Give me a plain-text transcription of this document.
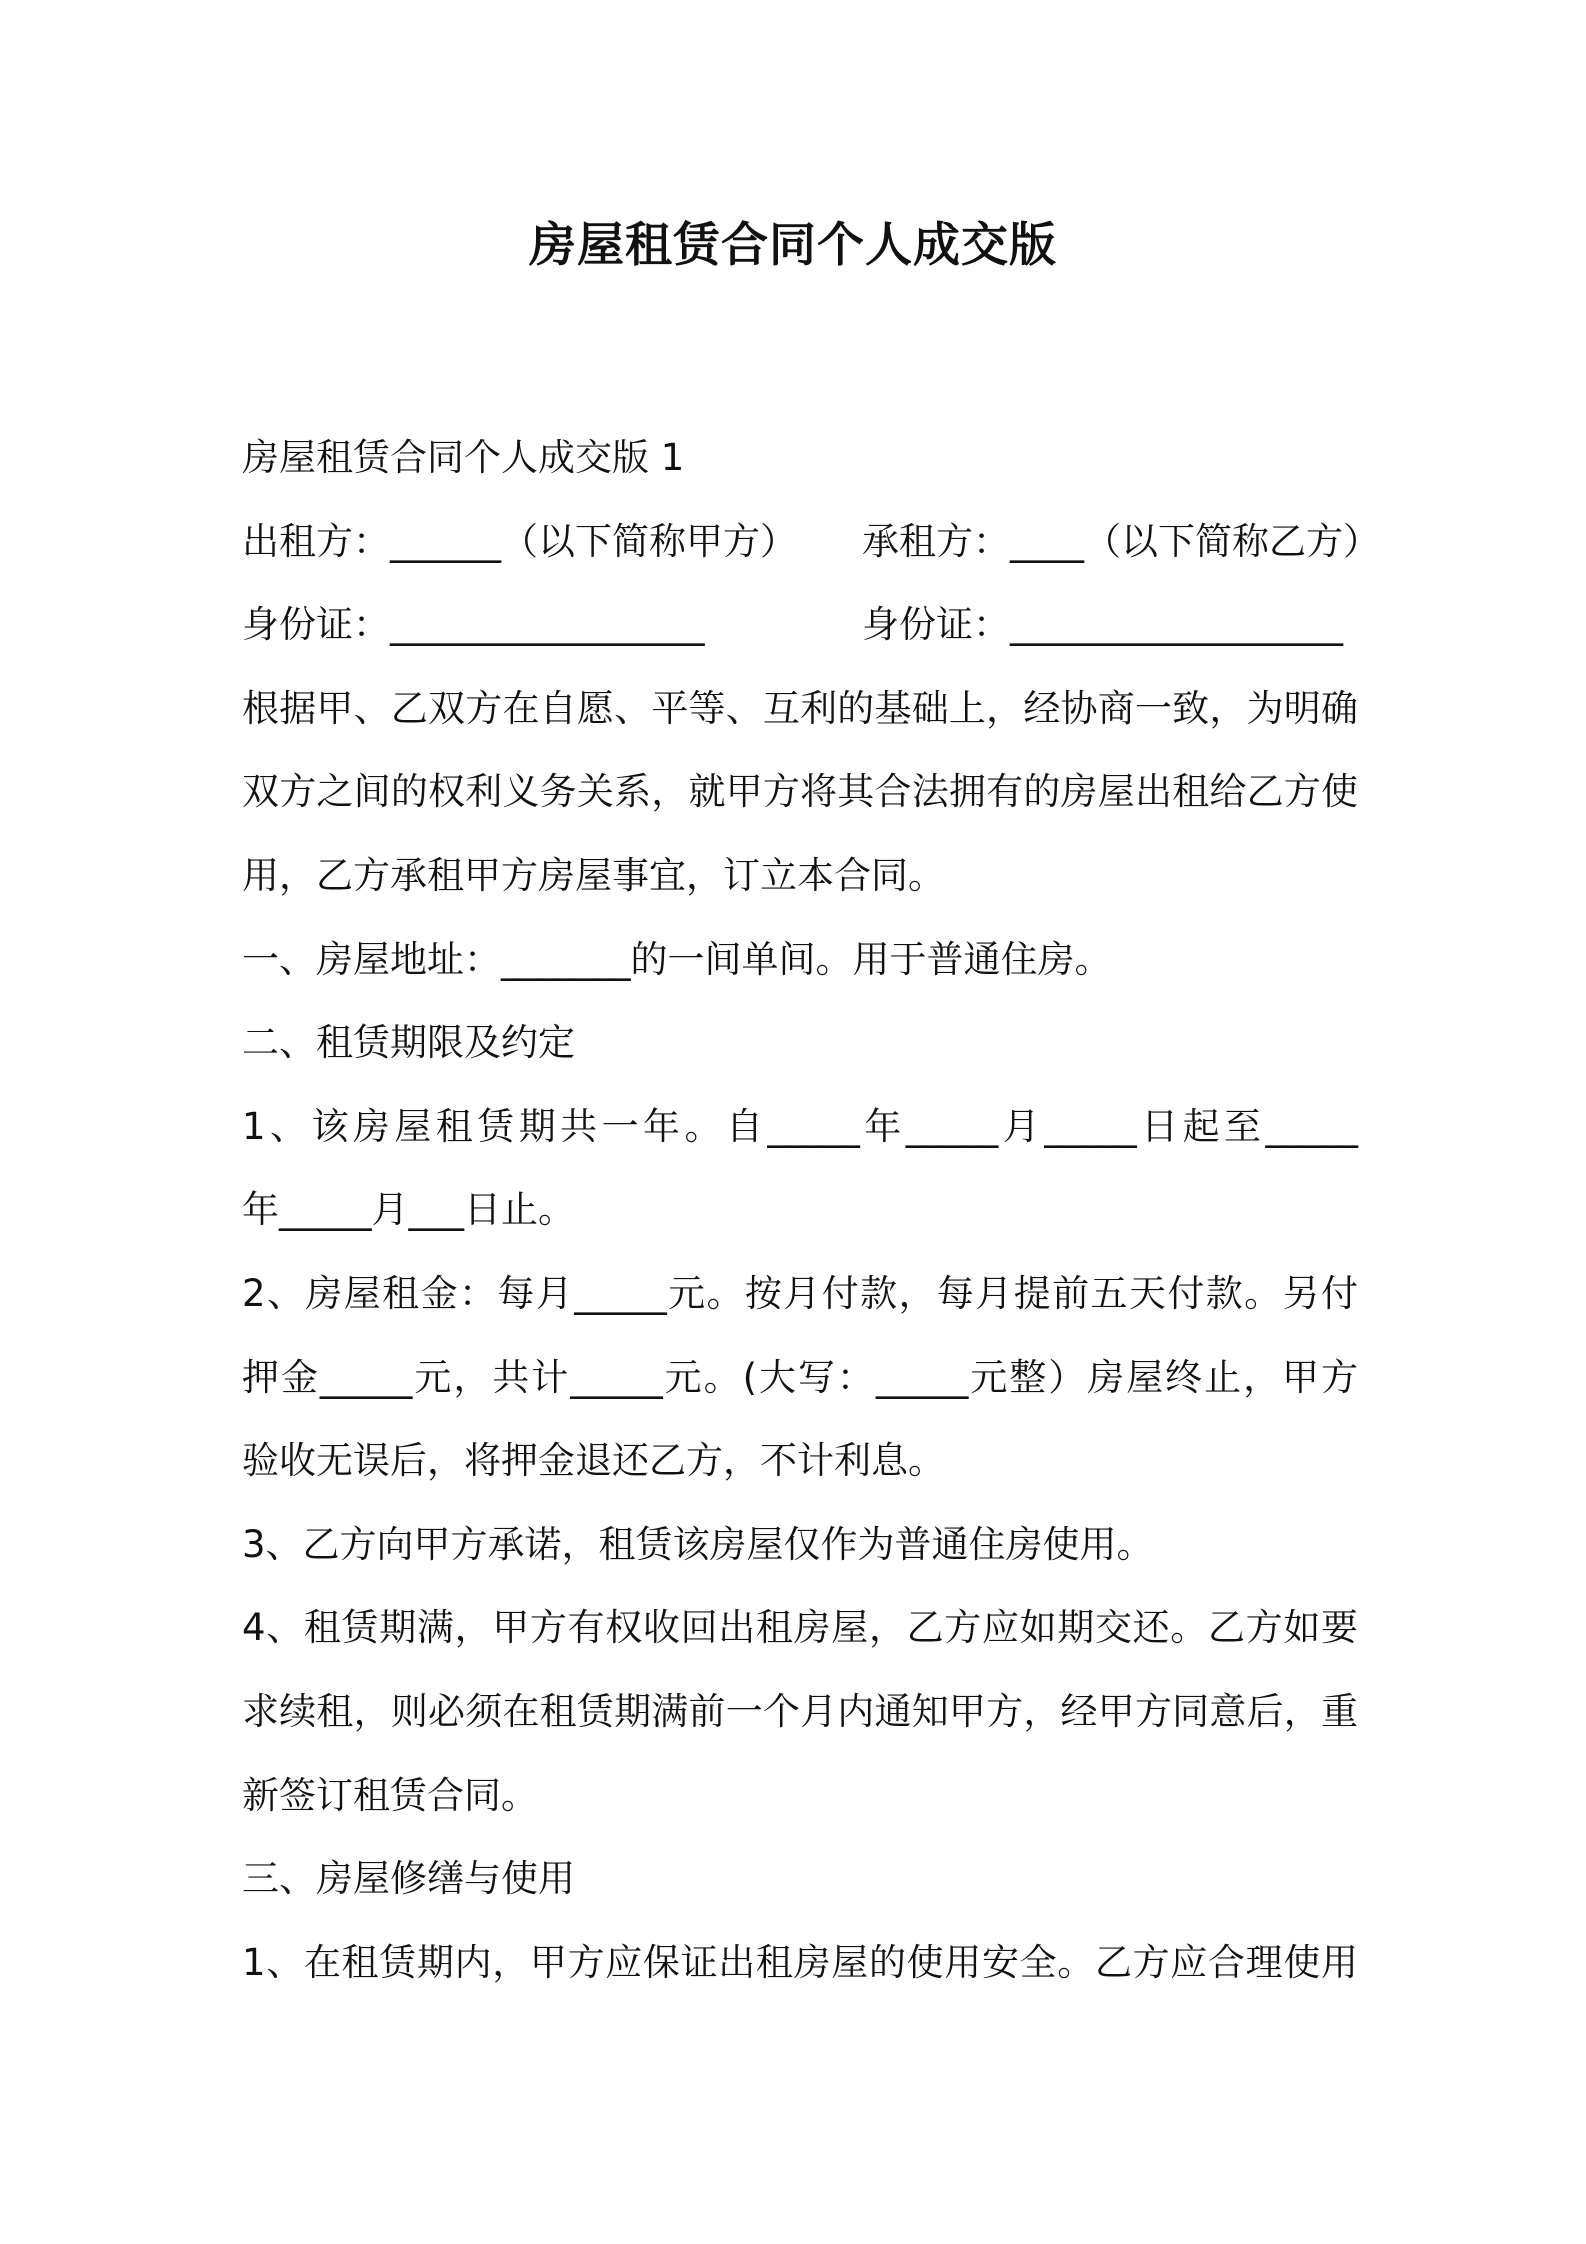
房屋租赁合同个人成交版
房屋租赁合同个人成交版 1
出租方：______（以下简称甲方） 承租方：____（以下简称乙方）
身份证：_________________	身份证：__________________
根据甲、乙双方在自愿、平等、互利的基础上，经协商一致，为明确
双方之间的权利义务关系，就甲方将其合法拥有的房屋出租给乙方使
用，乙方承租甲方房屋事宜，订立本合同。
一、房屋地址：_______的一间单间。用于普通住房。
二、租赁期限及约定
1、该房屋租赁期共一年。自_____年_____月_____日起至_____
年_____月___日止。
2、房屋租金：每月_____元。按月付款，每月提前五天付款。另付
押金_____元，共计_____元。(大写：_____元整）房屋终止，甲方
验收无误后，将押金退还乙方，不计利息。
3、乙方向甲方承诺，租赁该房屋仅作为普通住房使用。
4、租赁期满，甲方有权收回出租房屋，乙方应如期交还。乙方如要
求续租，则必须在租赁期满前一个月内通知甲方，经甲方同意后，重
新签订租赁合同。
三、房屋修缮与使用
1、在租赁期内，甲方应保证出租房屋的使用安全。乙方应合理使用
